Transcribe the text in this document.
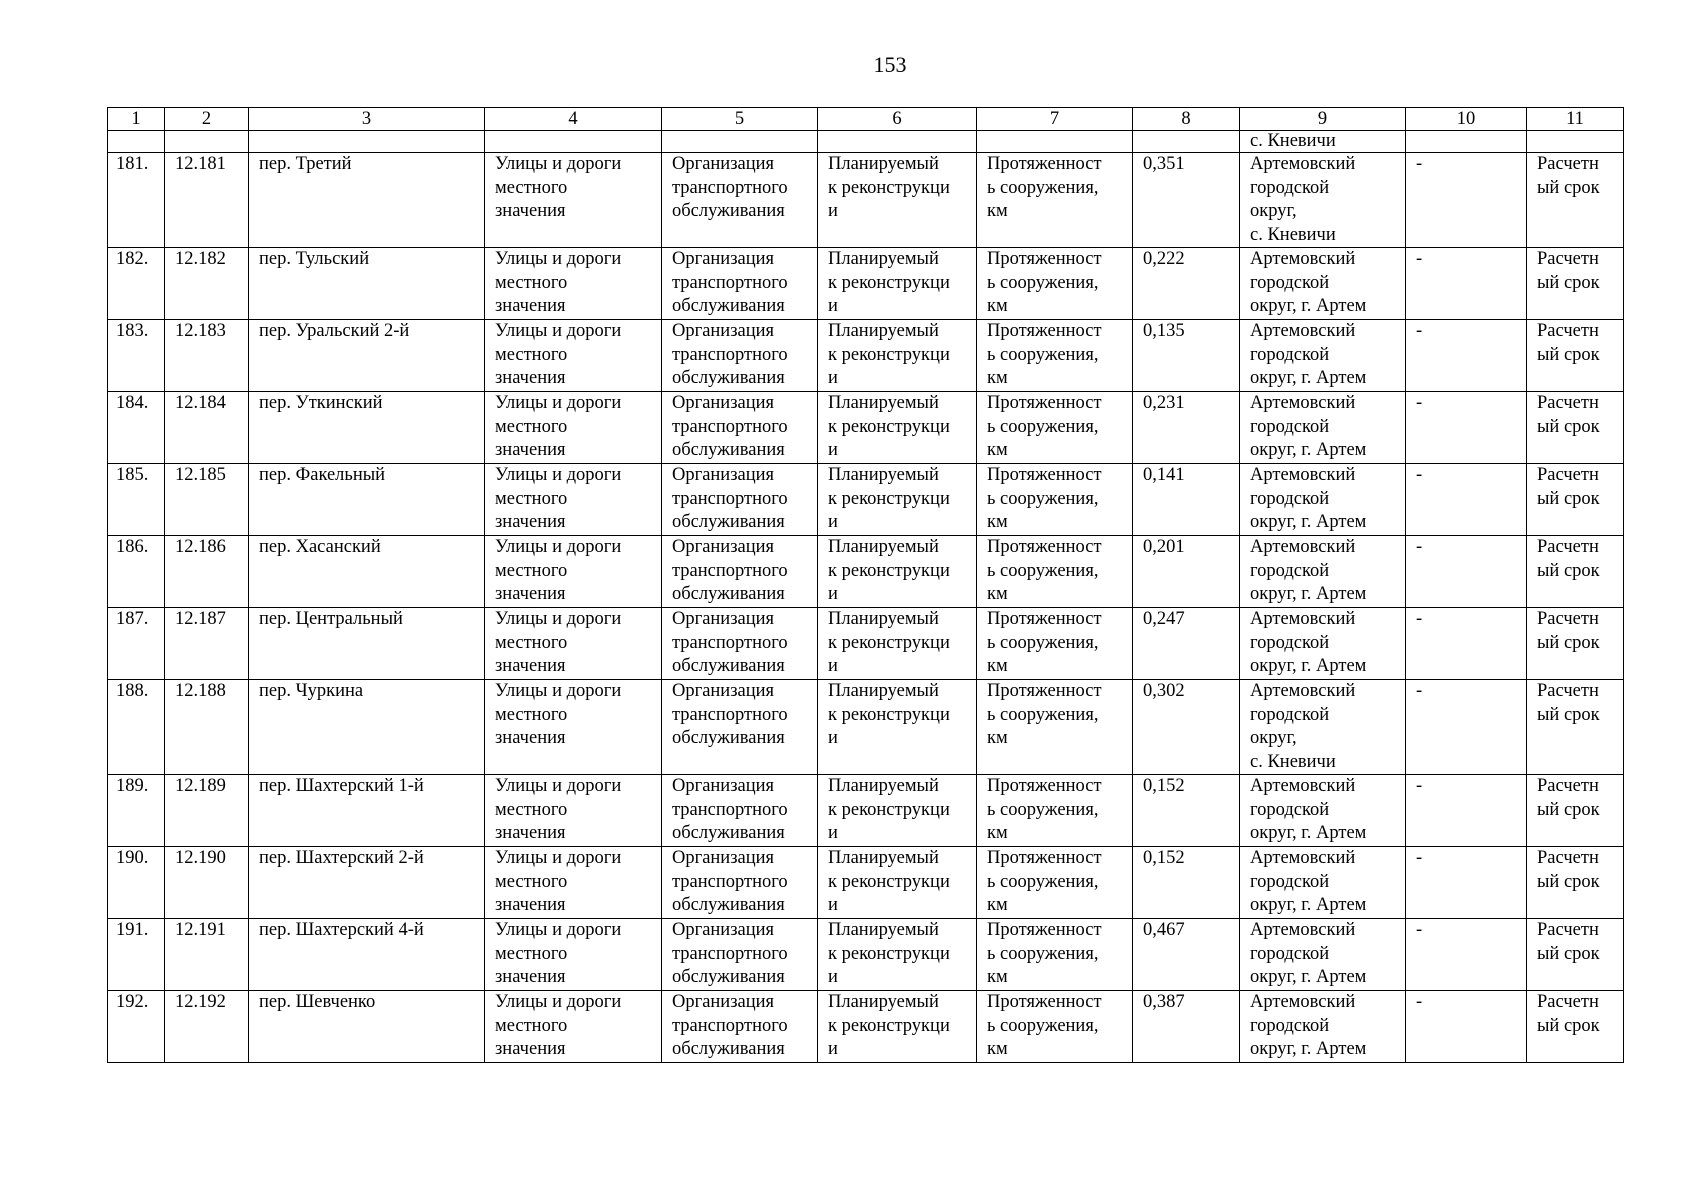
153
1	2	3	4	5	6	7	8	9	10	11
								с. Кневичи		
181.	12.181	пер. Третий	Улицы и дороги
местного
значения	Организация
транспортного
обслуживания	Планируемый
к реконструкци
и	Протяженност
ь сооружения,
км	0,351	Артемовский
городской
округ,
с. Кневичи	-	Расчетн
ый срок
182.	12.182	пер. Тульский	Улицы и дороги
местного
значения	Организация
транспортного
обслуживания	Планируемый
к реконструкци
и	Протяженност
ь сооружения,
км	0,222	Артемовский
городской
округ, г. Артем	-	Расчетн
ый срок
183.	12.183	пер. Уральский 2-й	Улицы и дороги
местного
значения	Организация
транспортного
обслуживания	Планируемый
к реконструкци
и	Протяженност
ь сооружения,
км	0,135	Артемовский
городской
округ, г. Артем	-	Расчетн
ый срок
184.	12.184	пер. Уткинский	Улицы и дороги
местного
значения	Организация
транспортного
обслуживания	Планируемый
к реконструкци
и	Протяженност
ь сооружения,
км	0,231	Артемовский
городской
округ, г. Артем	-	Расчетн
ый срок
185.	12.185	пер. Факельный	Улицы и дороги
местного
значения	Организация
транспортного
обслуживания	Планируемый
к реконструкци
и	Протяженност
ь сооружения,
км	0,141	Артемовский
городской
округ, г. Артем	-	Расчетн
ый срок
186.	12.186	пер. Хасанский	Улицы и дороги
местного
значения	Организация
транспортного
обслуживания	Планируемый
к реконструкци
и	Протяженност
ь сооружения,
км	0,201	Артемовский
городской
округ, г. Артем	-	Расчетн
ый срок
187.	12.187	пер. Центральный	Улицы и дороги
местного
значения	Организация
транспортного
обслуживания	Планируемый
к реконструкци
и	Протяженност
ь сооружения,
км	0,247	Артемовский
городской
округ, г. Артем	-	Расчетн
ый срок
188.	12.188	пер. Чуркина	Улицы и дороги
местного
значения	Организация
транспортного
обслуживания	Планируемый
к реконструкци
и	Протяженност
ь сооружения,
км	0,302	Артемовский
городской
округ,
с. Кневичи	-	Расчетн
ый срок
189.	12.189	пер. Шахтерский 1-й	Улицы и дороги
местного
значения	Организация
транспортного
обслуживания	Планируемый
к реконструкци
и	Протяженност
ь сооружения,
км	0,152	Артемовский
городской
округ, г. Артем	-	Расчетн
ый срок
190.	12.190	пер. Шахтерский 2-й	Улицы и дороги
местного
значения	Организация
транспортного
обслуживания	Планируемый
к реконструкци
и	Протяженност
ь сооружения,
км	0,152	Артемовский
городской
округ, г. Артем	-	Расчетн
ый срок
191.	12.191	пер. Шахтерский 4-й	Улицы и дороги
местного
значения	Организация
транспортного
обслуживания	Планируемый
к реконструкци
и	Протяженност
ь сооружения,
км	0,467	Артемовский
городской
округ, г. Артем	-	Расчетн
ый срок
192.	12.192	пер. Шевченко	Улицы и дороги
местного
значения	Организация
транспортного
обслуживания	Планируемый
к реконструкци
и	Протяженност
ь сооружения,
км	0,387	Артемовский
городской
округ, г. Артем	-	Расчетн
ый срок
